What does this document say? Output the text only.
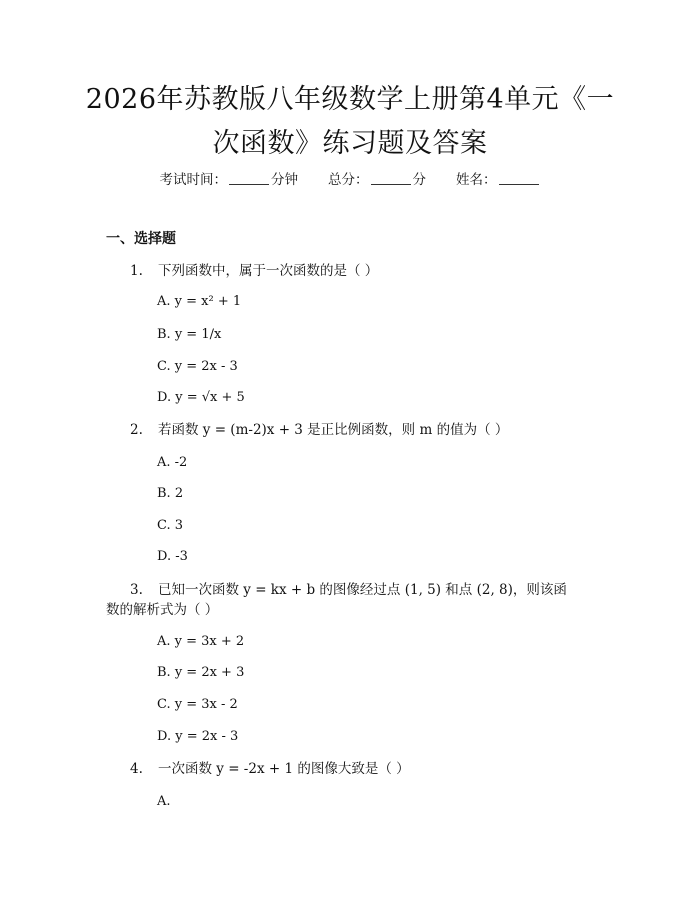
2026年苏教版八年级数学上册第4单元《一
次函数》练习题及答案
考试时间：	分钟 总分：	分 姓名：
一、选择题
1. 下列函数中，属于一次函数的是（ ）
A. y = x² + 1
B. y = 1/x
C. y = 2x - 3
D. y = √x + 5
2. 若函数 y = (m-2)x + 3 是正比例函数，则 m 的值为（ ）
A. -2
B. 2
C. 3
D. -3
3. 已知一次函数 y = kx + b 的图像经过点 (1, 5) 和点 (2, 8)，则该函
数的解析式为（ ）
A. y = 3x + 2
B. y = 2x + 3
C. y = 3x - 2
D. y = 2x - 3
4. 一次函数 y = -2x + 1 的图像大致是（ ）
A.
